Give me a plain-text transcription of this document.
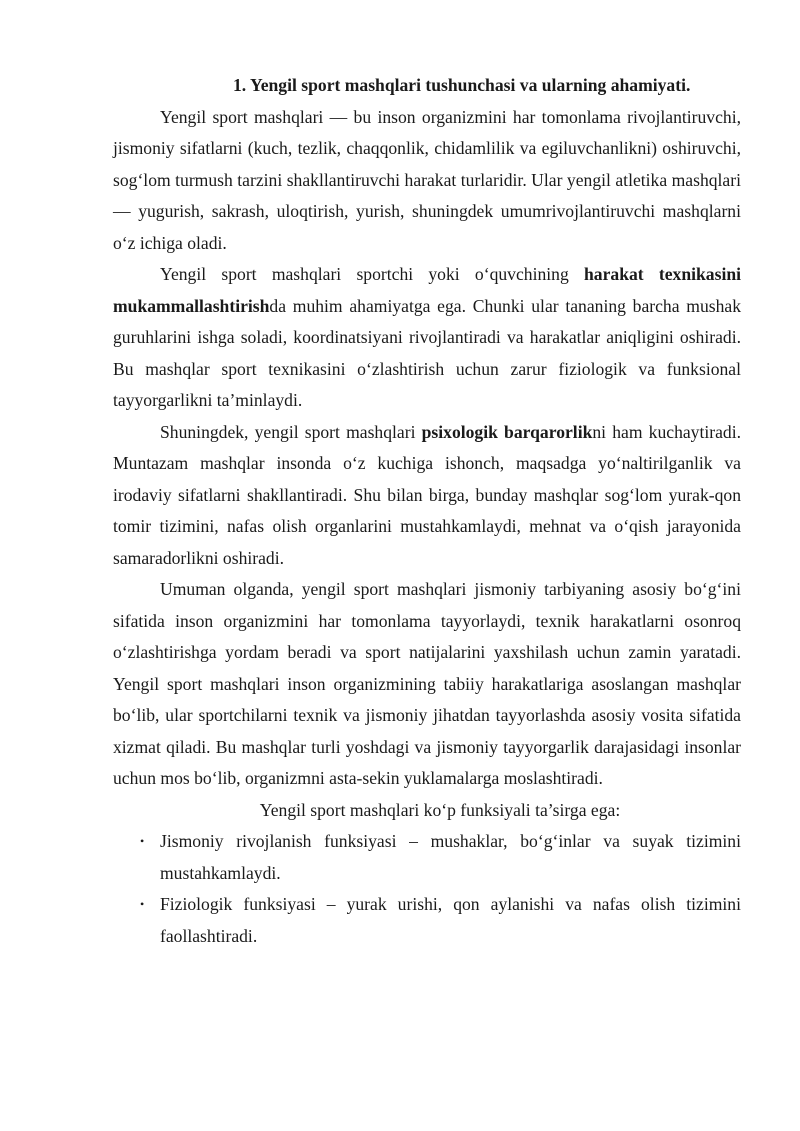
1. Yengil sport mashqlari tushunchasi va ularning ahamiyati.

Yengil sport mashqlari — bu inson organizmini har tomonlama rivojlantiruvchi, jismoniy sifatlarni (kuch, tezlik, chaqqonlik, chidamlilik va egiluvchanlikni) oshiruvchi, sog‘lom turmush tarzini shakllantiruvchi harakat turlaridir. Ular yengil atletika mashqlari — yugurish, sakrash, uloqtirish, yurish, shuningdek umumrivojlantiruvchi mashqlarni o‘z ichiga oladi.

Yengil sport mashqlari sportchi yoki o‘quvchining harakat texnikasini mukammallashtirishda muhim ahamiyatga ega. Chunki ular tananing barcha mushak guruhlarini ishga soladi, koordinatsiyani rivojlantiradi va harakatlar aniqligini oshiradi. Bu mashqlar sport texnikasini o‘zlashtirish uchun zarur fiziologik va funksional tayyorgarlikni ta’minlaydi.

Shuningdek, yengil sport mashqlari psixologik barqarorlikni ham kuchaytiradi. Muntazam mashqlar insonda o‘z kuchiga ishonch, maqsadga yo‘naltirilganlik va irodaviy sifatlarni shakllantiradi. Shu bilan birga, bunday mashqlar sog‘lom yurak-qon tomir tizimini, nafas olish organlarini mustahkamlaydi, mehnat va o‘qish jarayonida samaradorlikni oshiradi.

Umuman olganda, yengil sport mashqlari jismoniy tarbiyaning asosiy bo‘g‘ini sifatida inson organizmini har tomonlama tayyorlaydi, texnik harakatlarni osonroq o‘zlashtirishga yordam beradi va sport natijalarini yaxshilash uchun zamin yaratadi. Yengil sport mashqlari inson organizmining tabiiy harakatlariga asoslangan mashqlar bo‘lib, ular sportchilarni texnik va jismoniy jihatdan tayyorlashda asosiy vosita sifatida xizmat qiladi. Bu mashqlar turli yoshdagi va jismoniy tayyorgarlik darajasidagi insonlar uchun mos bo‘lib, organizmni asta-sekin yuklamalarga moslashtiradi.

Yengil sport mashqlari ko‘p funksiyali ta’sirga ega:

• Jismoniy rivojlanish funksiyasi – mushaklar, bo‘g‘inlar va suyak tizimini mustahkamlaydi.
• Fiziologik funksiyasi – yurak urishi, qon aylanishi va nafas olish tizimini faollashtiradi.
